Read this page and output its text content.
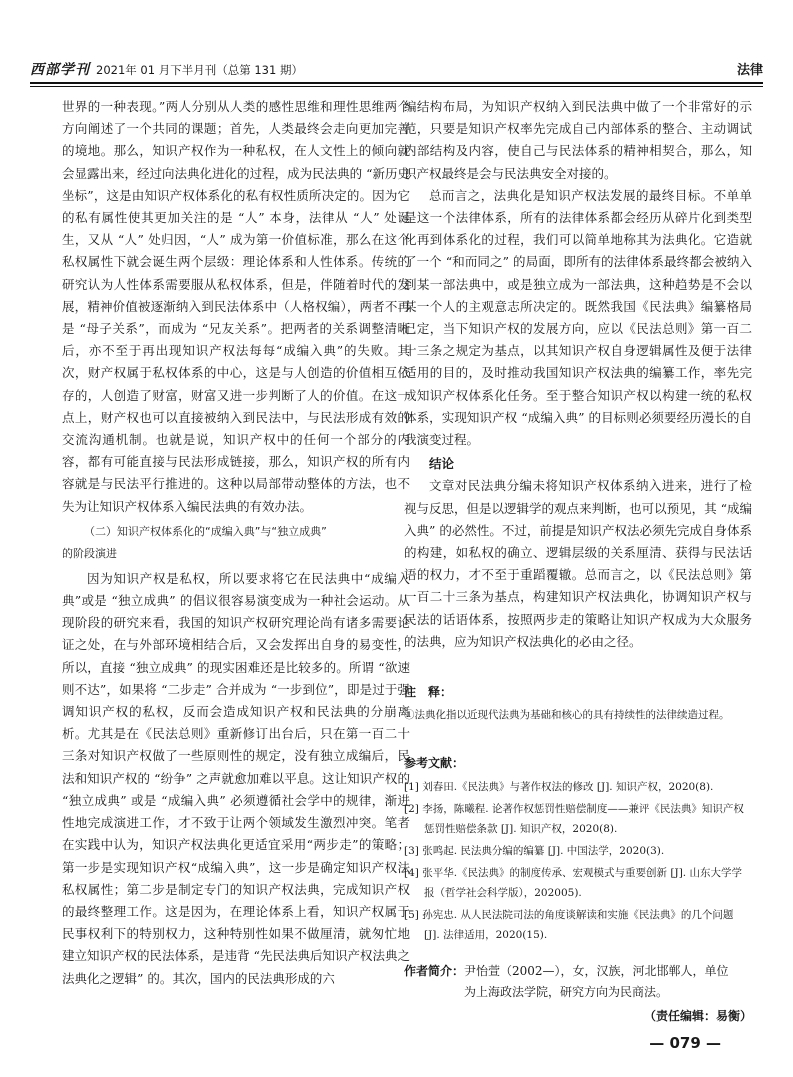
西部学刊 2021年 01 月下半月刊（总第 131 期）	法律

世界的一种表现。”两人分别从人类的感性思维和理性思维两个方向阐述了一个共同的课题；首先，人类最终会走向更加完善的境地。那么，知识产权作为一种私权，在人文性上的倾向就会显露出来，经过向法典化进化的过程，成为民法典的 “新历史坐标”，这是由知识产权体系化的私有权性质所决定的。因为它的私有属性使其更加关注的是 “人” 本身，法律从 “人” 处诞生，又从 “人” 处归因，“人” 成为第一价值标准，那么在这个私权属性下就会诞生两个层级：理论体系和人性体系。传统的研究认为人性体系需要服从私权体系，但是，伴随着时代的发展，精神价值被逐渐纳入到民法体系中（人格权编），两者不再是 “母子关系”，而成为 “兄友关系”。把两者的关系调整清晰后，亦不至于再出现知识产权法每每“成编入典”的失败。其次，财产权属于私权体系的中心，这是与人创造的价值相互依存的，人创造了财富，财富又进一步判断了人的价值。在这一点上，财产权也可以直接被纳入到民法中，与民法形成有效的交流沟通机制。也就是说，知识产权中的任何一个部分的内容，都有可能直接与民法形成链接，那么，知识产权的所有内容就是与民法平行推进的。这种以局部带动整体的方法，也不失为让知识产权体系入编民法典的有效办法。

（二）知识产权体系化的“成编入典”与“独立成典”
的阶段演进

因为知识产权是私权，所以要求将它在民法典中“成编入典”或是 “独立成典” 的倡议很容易演变成为一种社会运动。从现阶段的研究来看，我国的知识产权研究理论尚有诸多需要论证之处，在与外部环境相结合后，又会发挥出自身的易变性，所以，直接 “独立成典” 的现实困难还是比较多的。所谓 “欲速则不达”，如果将 “二步走” 合并成为 “一步到位”，即是过于强调知识产权的私权，反而会造成知识产权和民法典的分崩离析。尤其是在《民法总则》重新修订出台后，只在第一百二十三条对知识产权做了一些原则性的规定，没有独立成编后，民法和知识产权的 “纷争” 之声就愈加难以平息。这让知识产权的 “独立成典” 或是 “成编入典” 必须遵循社会学中的规律，渐进性地完成演进工作，才不致于让两个领域发生激烈冲突。笔者在实践中认为，知识产权法典化更适宜采用“两步走”的策略；第一步是实现知识产权“成编入典”，这一步是确定知识产权法私权属性；第二步是制定专门的知识产权法典，完成知识产权的最终整理工作。这是因为，在理论体系上看，知识产权属于民事权利下的特别权力，这种特别性如果不做厘清，就匆忙地建立知识产权的民法体系，是违背 “先民法典后知识产权法典之法典化之逻辑” 的。其次，国内的民法典形成的六

编结构布局，为知识产权纳入到民法典中做了一个非常好的示范，只要是知识产权率先完成自己内部体系的整合、主动调试内部结构及内容，使自己与民法体系的精神相契合，那么，知识产权最终是会与民法典安全对接的。

总而言之，法典化是知识产权法发展的最终目标。不单单是这一个法律体系，所有的法律体系都会经历从碎片化到类型化再到体系化的过程，我们可以简单地称其为法典化。它造就了一个 “和而同之” 的局面，即所有的法律体系最终都会被纳入到某一部法典中，或是独立成为一部法典，这种趋势是不会以某一个人的主观意志所决定的。既然我国《民法典》编纂格局已定，当下知识产权的发展方向，应以《民法总则》第一百二十三条之规定为基点，以其知识产权自身逻辑属性及便于法律适用的目的，及时推动我国知识产权法典的编纂工作，率先完成知识产权体系化任务。至于整合知识产权以构建一统的私权体系，实现知识产权 “成编入典” 的目标则必须要经历漫长的自我演变过程。

结论

文章对民法典分编未将知识产权体系纳入进来，进行了检视与反思，但是以逻辑学的观点来判断，也可以预见，其 “成编入典” 的必然性。不过，前提是知识产权法必须先完成自身体系的构建，如私权的确立、逻辑层级的关系厘清、获得与民法话语的权力，才不至于重蹈覆辙。总而言之，以《民法总则》第一百二十三条为基点，构建知识产权法典化，协调知识产权与民法的话语体系，按照两步走的策略让知识产权成为大众服务的法典，应为知识产权法典化的必由之径。

注　释：
①法典化指以近现代法典为基础和核心的具有持续性的法律续造过程。
参考文献：
[1] 刘春田.《民法典》与著作权法的修改 [J]. 知识产权，2020(8).
[2] 李扬，陈曦程. 论著作权惩罚性赔偿制度——兼评《民法典》知识产权惩罚性赔偿条款 [J]. 知识产权，2020(8).
[3] 张鸣起. 民法典分编的编纂 [J]. 中国法学，2020(3).
[4] 张平华.《民法典》的制度传承、宏观模式与重要创新 [J]. 山东大学学报（哲学社会科学版），202005).
[5] 孙宪忠. 从人民法院司法的角度谈解读和实施《民法典》的几个问题 [J]. 法律适用，2020(15).
作者简介：尹怡萱（2002—），女，汉族，河北邯郸人，单位
为上海政法学院，研究方向为民商法。
（责任编辑：易衡）
— 079 —
